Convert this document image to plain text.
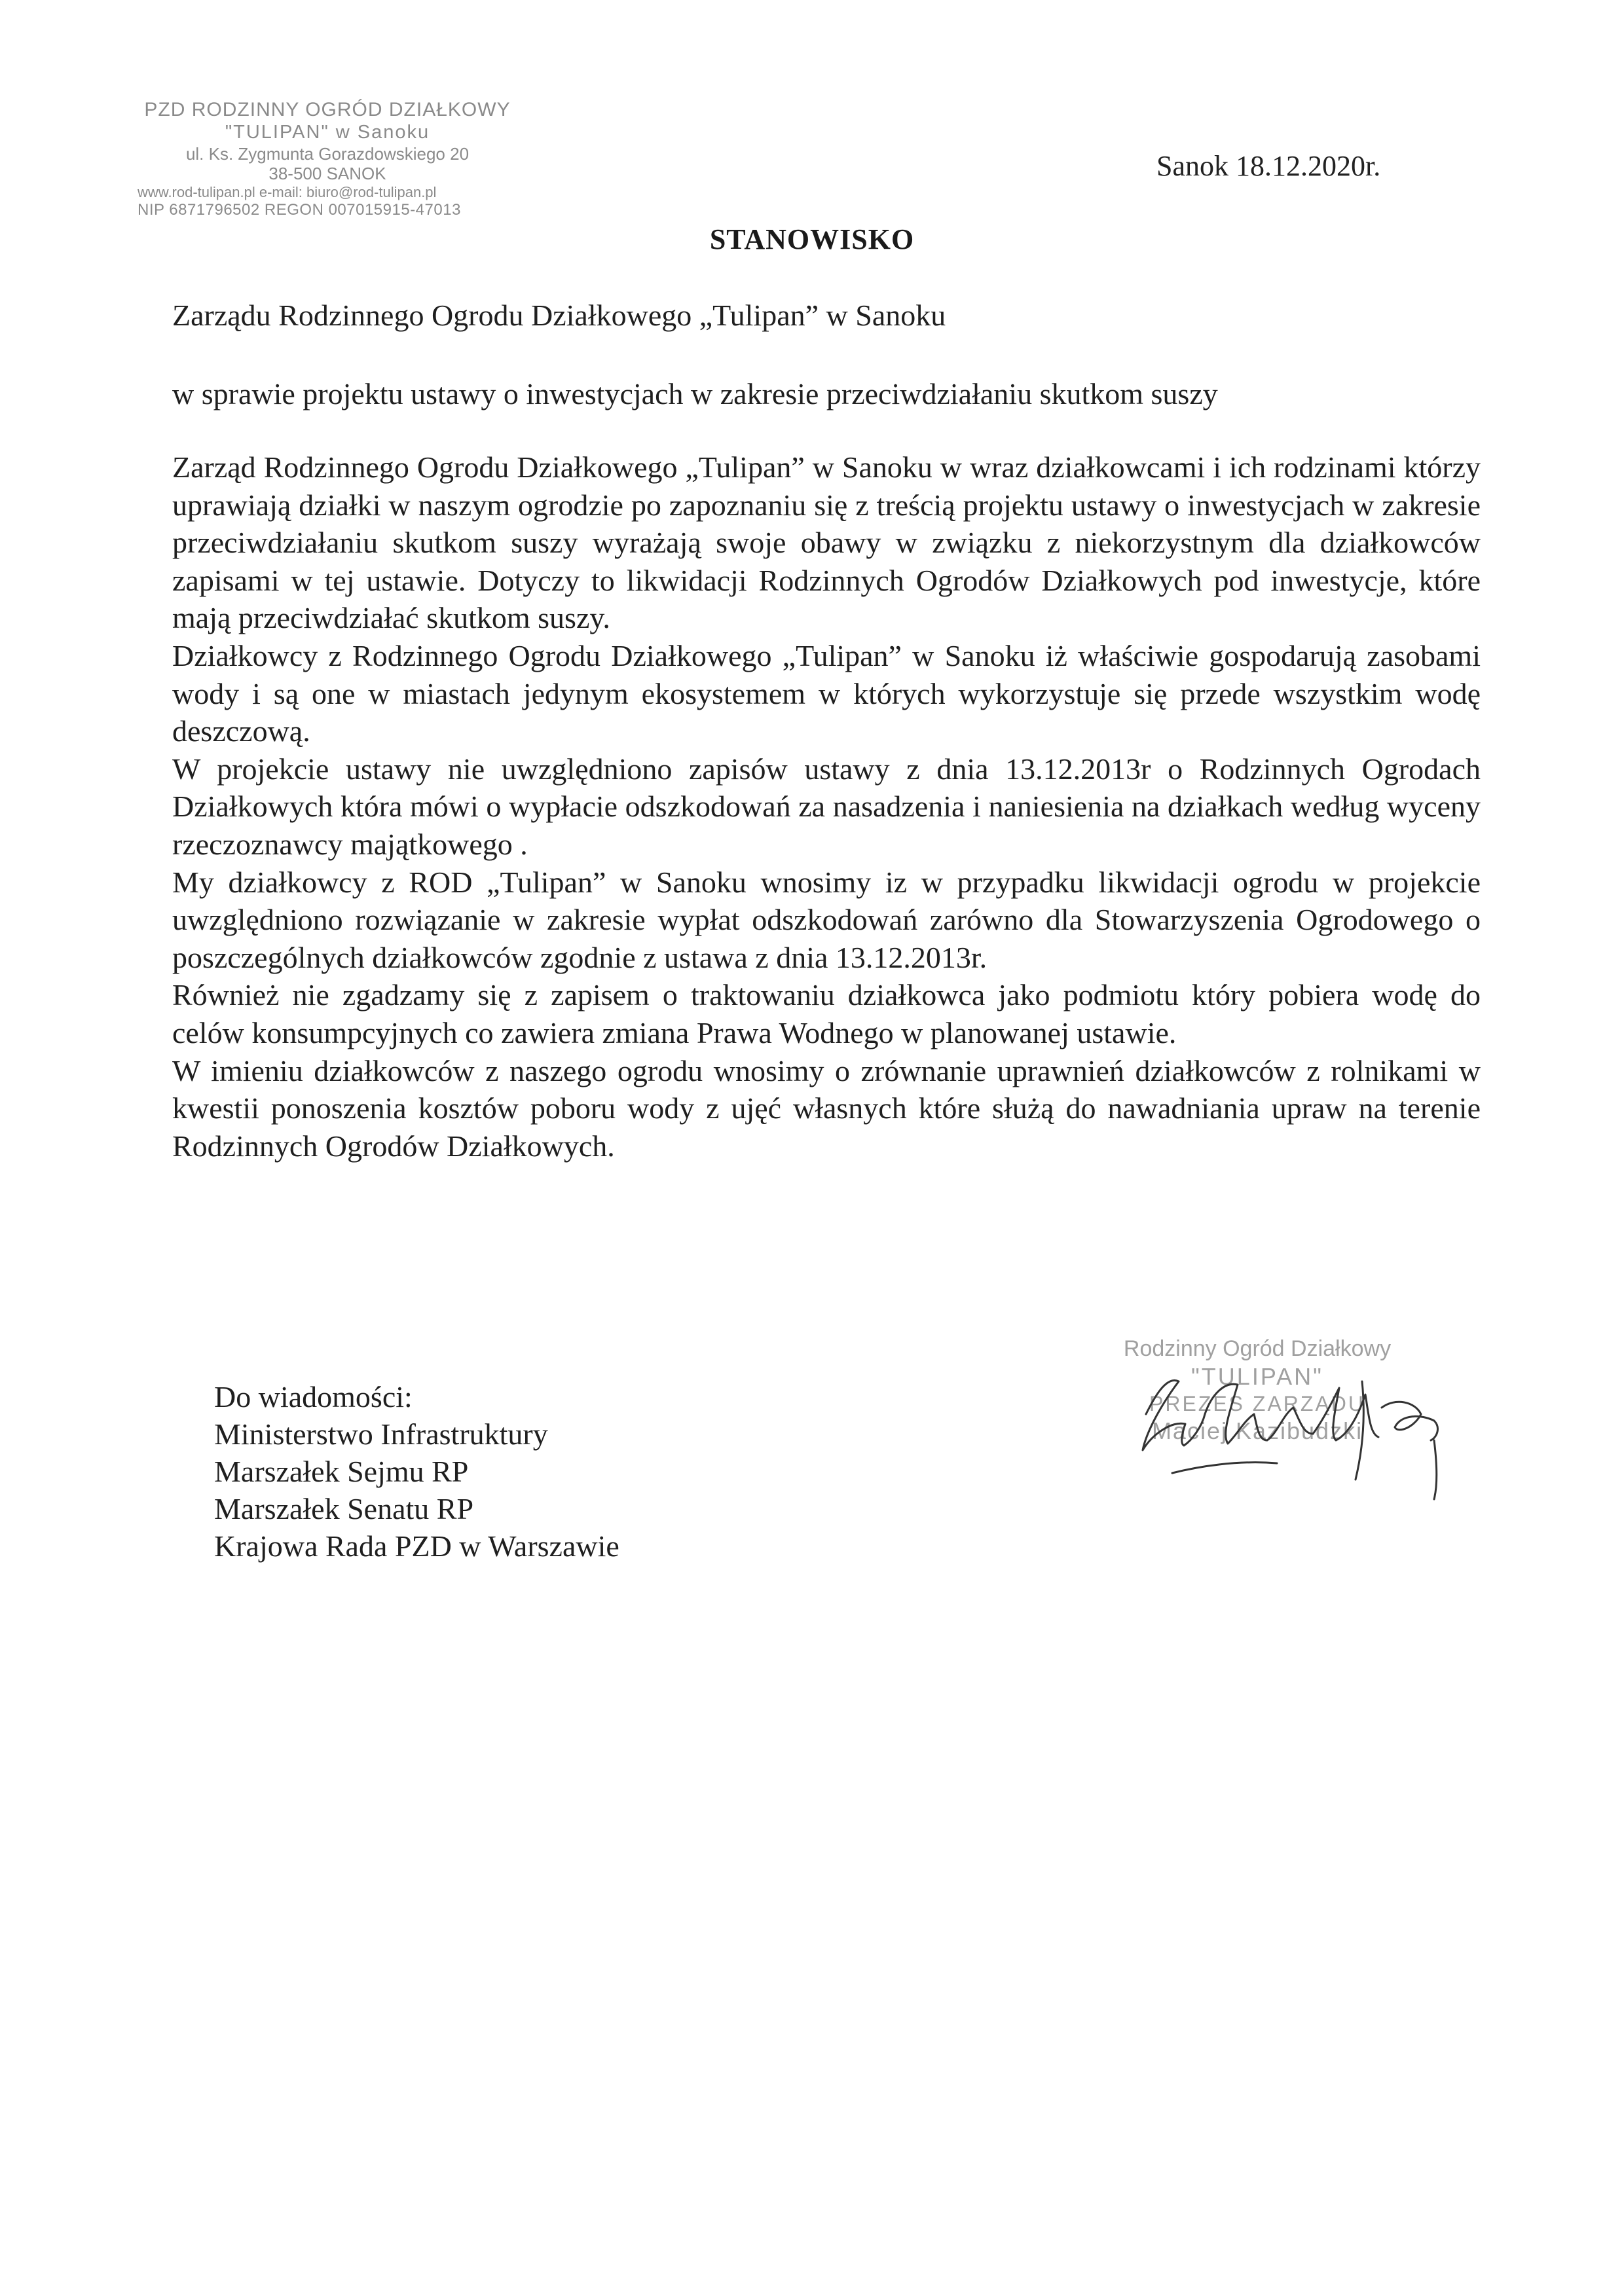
PZD RODZINNY OGRÓD DZIAŁKOWY
"TULIPAN" w Sanoku
ul. Ks. Zygmunta Gorazdowskiego 20
38-500 SANOK
www.rod-tulipan.pl e-mail: biuro@rod-tulipan.pl
NIP 6871796502 REGON 007015915-47013
Sanok 18.12.2020r.
STANOWISKO
Zarządu Rodzinnego Ogrodu Działkowego „Tulipan” w Sanoku
w sprawie projektu ustawy o inwestycjach w zakresie przeciwdziałaniu skutkom suszy

Zarząd Rodzinnego Ogrodu Działkowego „Tulipan” w Sanoku w wraz działkowcami i ich rodzinami którzy uprawiają działki w naszym ogrodzie po zapoznaniu się z treścią projektu ustawy o inwestycjach w zakresie przeciwdziałaniu skutkom suszy wyrażają swoje obawy w związku z niekorzystnym dla działkowców zapisami w tej ustawie. Dotyczy to likwidacji Rodzinnych Ogrodów Działkowych pod inwestycje, które mają przeciwdziałać skutkom suszy.

Działkowcy z Rodzinnego Ogrodu Działkowego „Tulipan” w Sanoku iż właściwie gospodarują zasobami wody i są one w miastach jedynym ekosystemem w których wykorzystuje się przede wszystkim wodę deszczową.

W projekcie ustawy nie uwzględniono zapisów ustawy z dnia 13.12.2013r o Rodzinnych Ogrodach Działkowych która mówi o wypłacie odszkodowań za nasadzenia i naniesienia na działkach według wyceny rzeczoznawcy majątkowego .

My działkowcy z ROD „Tulipan” w Sanoku wnosimy iz w przypadku likwidacji ogrodu w projekcie uwzględniono rozwiązanie w zakresie wypłat odszkodowań zarówno dla Stowarzyszenia Ogrodowego o poszczególnych działkowców zgodnie z ustawa z dnia 13.12.2013r.

Również nie zgadzamy się z zapisem o traktowaniu działkowca jako podmiotu który pobiera wodę do celów konsumpcyjnych co zawiera zmiana Prawa Wodnego w planowanej ustawie.

W imieniu działkowców z naszego ogrodu wnosimy o zrównanie uprawnień działkowców z rolnikami w kwestii ponoszenia kosztów poboru wody z ujęć własnych które służą do nawadniania upraw na terenie Rodzinnych Ogrodów Działkowych.

Do wiadomości:
Ministerstwo Infrastruktury
Marszałek Sejmu RP
Marszałek Senatu RP
Krajowa Rada PZD w Warszawie
Rodzinny Ogród Działkowy
"TULIPAN"
PREZES ZARZĄDU
Maciej Kazibudzki
